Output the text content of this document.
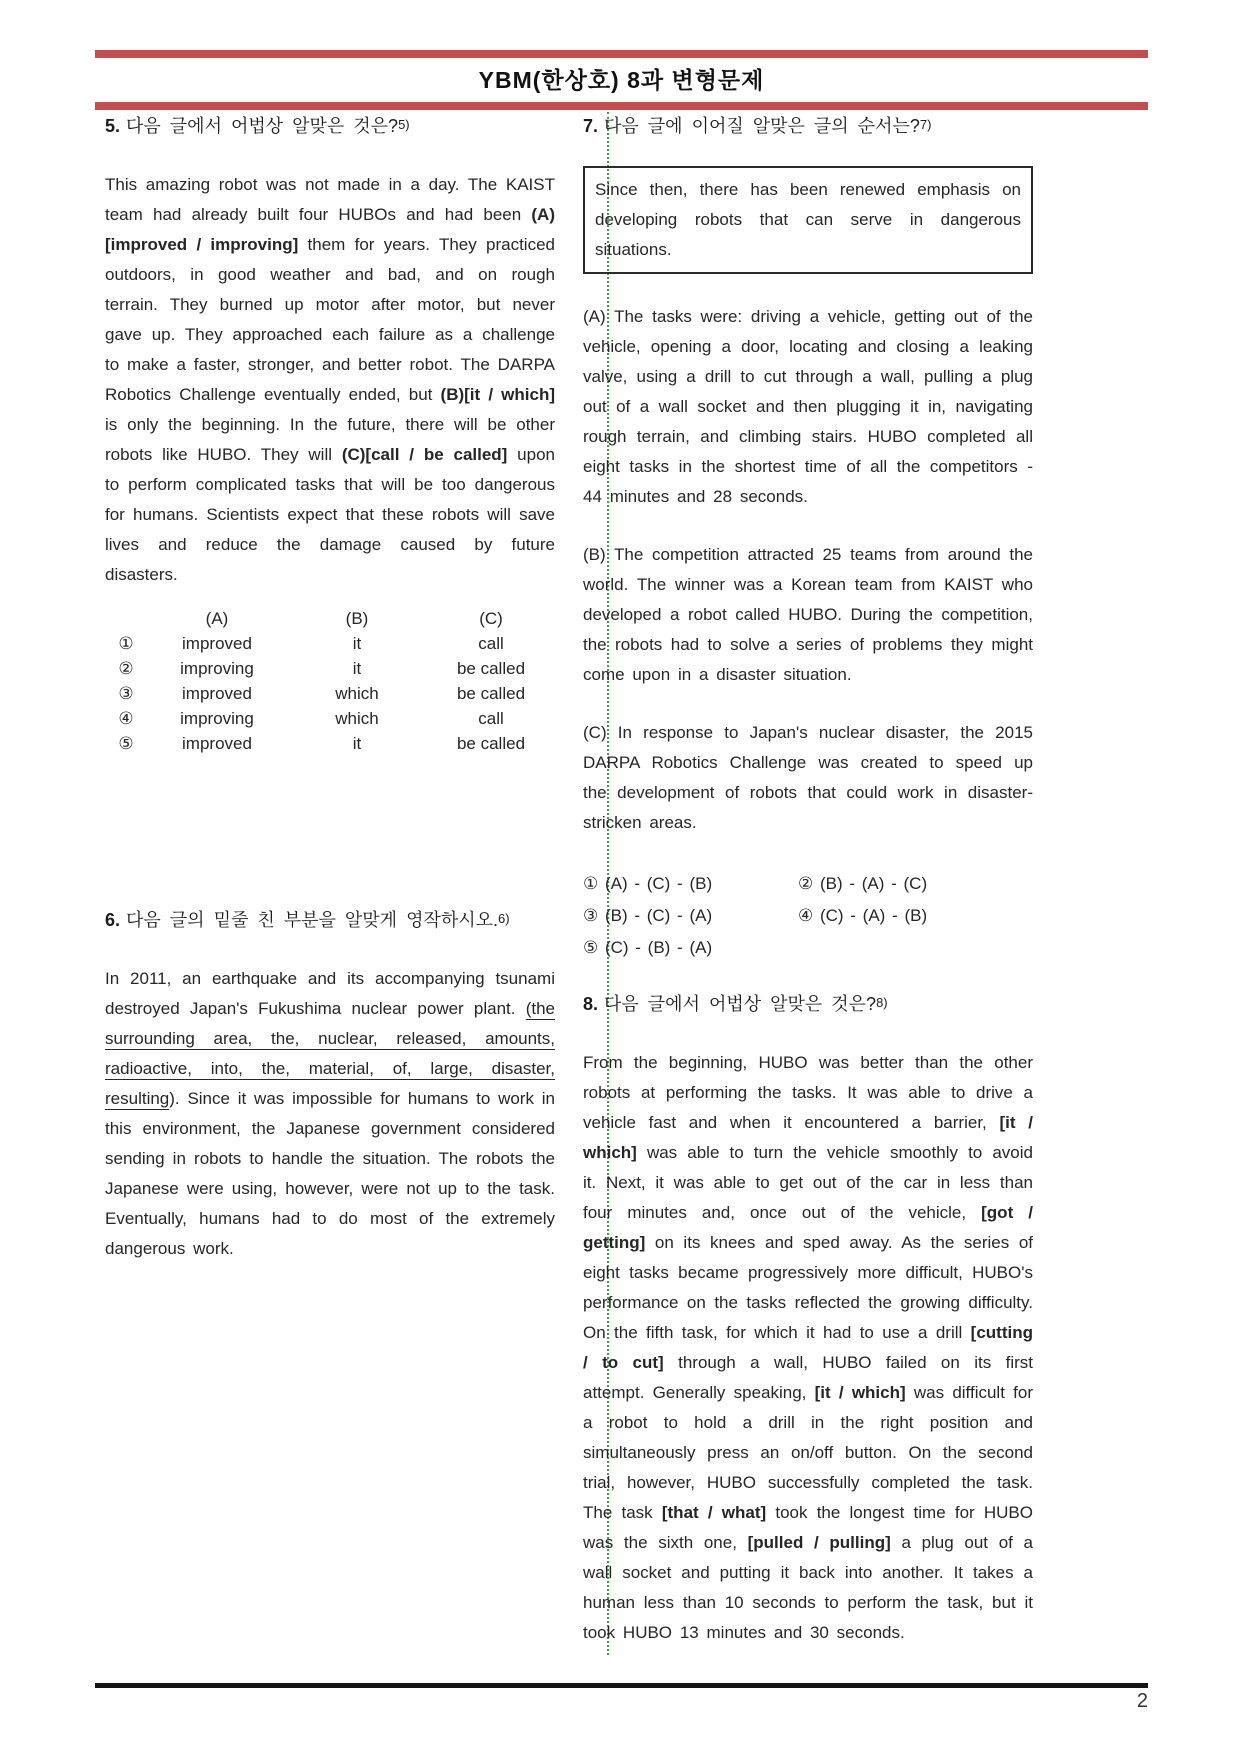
YBM(한상호) 8과 변형문제
5. 다음 글에서 어법상 알맞은 것은?5)
This amazing robot was not made in a day. The KAIST team had already built four HUBOs and had been (A)[improved / improving] them for years. They practiced outdoors, in good weather and bad, and on rough terrain. They burned up motor after motor, but never gave up. They approached each failure as a challenge to make a faster, stronger, and better robot. The DARPA Robotics Challenge eventually ended, but (B)[it / which] is only the beginning. In the future, there will be other robots like HUBO. They will (C)[call / be called] upon to perform complicated tasks that will be too dangerous for humans. Scientists expect that these robots will save lives and reduce the damage caused by future disasters.
(A)	(B)	(C)
①	improved	it	call
②	improving	it	be called
③	improved	which	be called
④	improving	which	call
⑤	improved	it	be called
6. 다음 글의 밑줄 친 부분을 알맞게 영작하시오.6)
In 2011, an earthquake and its accompanying tsunami destroyed Japan's Fukushima nuclear power plant. (the surrounding area, the, nuclear, released, amounts, radioactive, into, the, material, of, large, disaster, resulting). Since it was impossible for humans to work in this environment, the Japanese government considered sending in robots to handle the situation. The robots the Japanese were using, however, were not up to the task. Eventually, humans had to do most of the extremely dangerous work.
7. 다음 글에 이어질 알맞은 글의 순서는?7)
Since then, there has been renewed emphasis on developing robots that can serve in dangerous situations.
(A) The tasks were: driving a vehicle, getting out of the vehicle, opening a door, locating and closing a leaking valve, using a drill to cut through a wall, pulling a plug out of a wall socket and then plugging it in, navigating rough terrain, and climbing stairs. HUBO completed all eight tasks in the shortest time of all the competitors - 44 minutes and 28 seconds.
(B) The competition attracted 25 teams from around the world. The winner was a Korean team from KAIST who developed a robot called HUBO. During the competition, the robots had to solve a series of problems they might come upon in a disaster situation.
(C) In response to Japan's nuclear disaster, the 2015 DARPA Robotics Challenge was created to speed up the development of robots that could work in disaster-stricken areas.
① (A) - (C) - (B)	② (B) - (A) - (C)
③ (B) - (C) - (A)	④ (C) - (A) - (B)
⑤ (C) - (B) - (A)
8. 다음 글에서 어법상 알맞은 것은?8)
From the beginning, HUBO was better than the other robots at performing the tasks. It was able to drive a vehicle fast and when it encountered a barrier, [it / which] was able to turn the vehicle smoothly to avoid it. Next, it was able to get out of the car in less than four minutes and, once out of the vehicle, [got / getting] on its knees and sped away. As the series of eight tasks became progressively more difficult, HUBO's performance on the tasks reflected the growing difficulty. On the fifth task, for which it had to use a drill [cutting / to cut] through a wall, HUBO failed on its first attempt. Generally speaking, [it / which] was difficult for a robot to hold a drill in the right position and simultaneously press an on/off button. On the second trial, however, HUBO successfully completed the task. The task [that / what] took the longest time for HUBO was the sixth one, [pulled / pulling] a plug out of a wall socket and putting it back into another. It takes a human less than 10 seconds to perform the task, but it took HUBO 13 minutes and 30 seconds.
2
